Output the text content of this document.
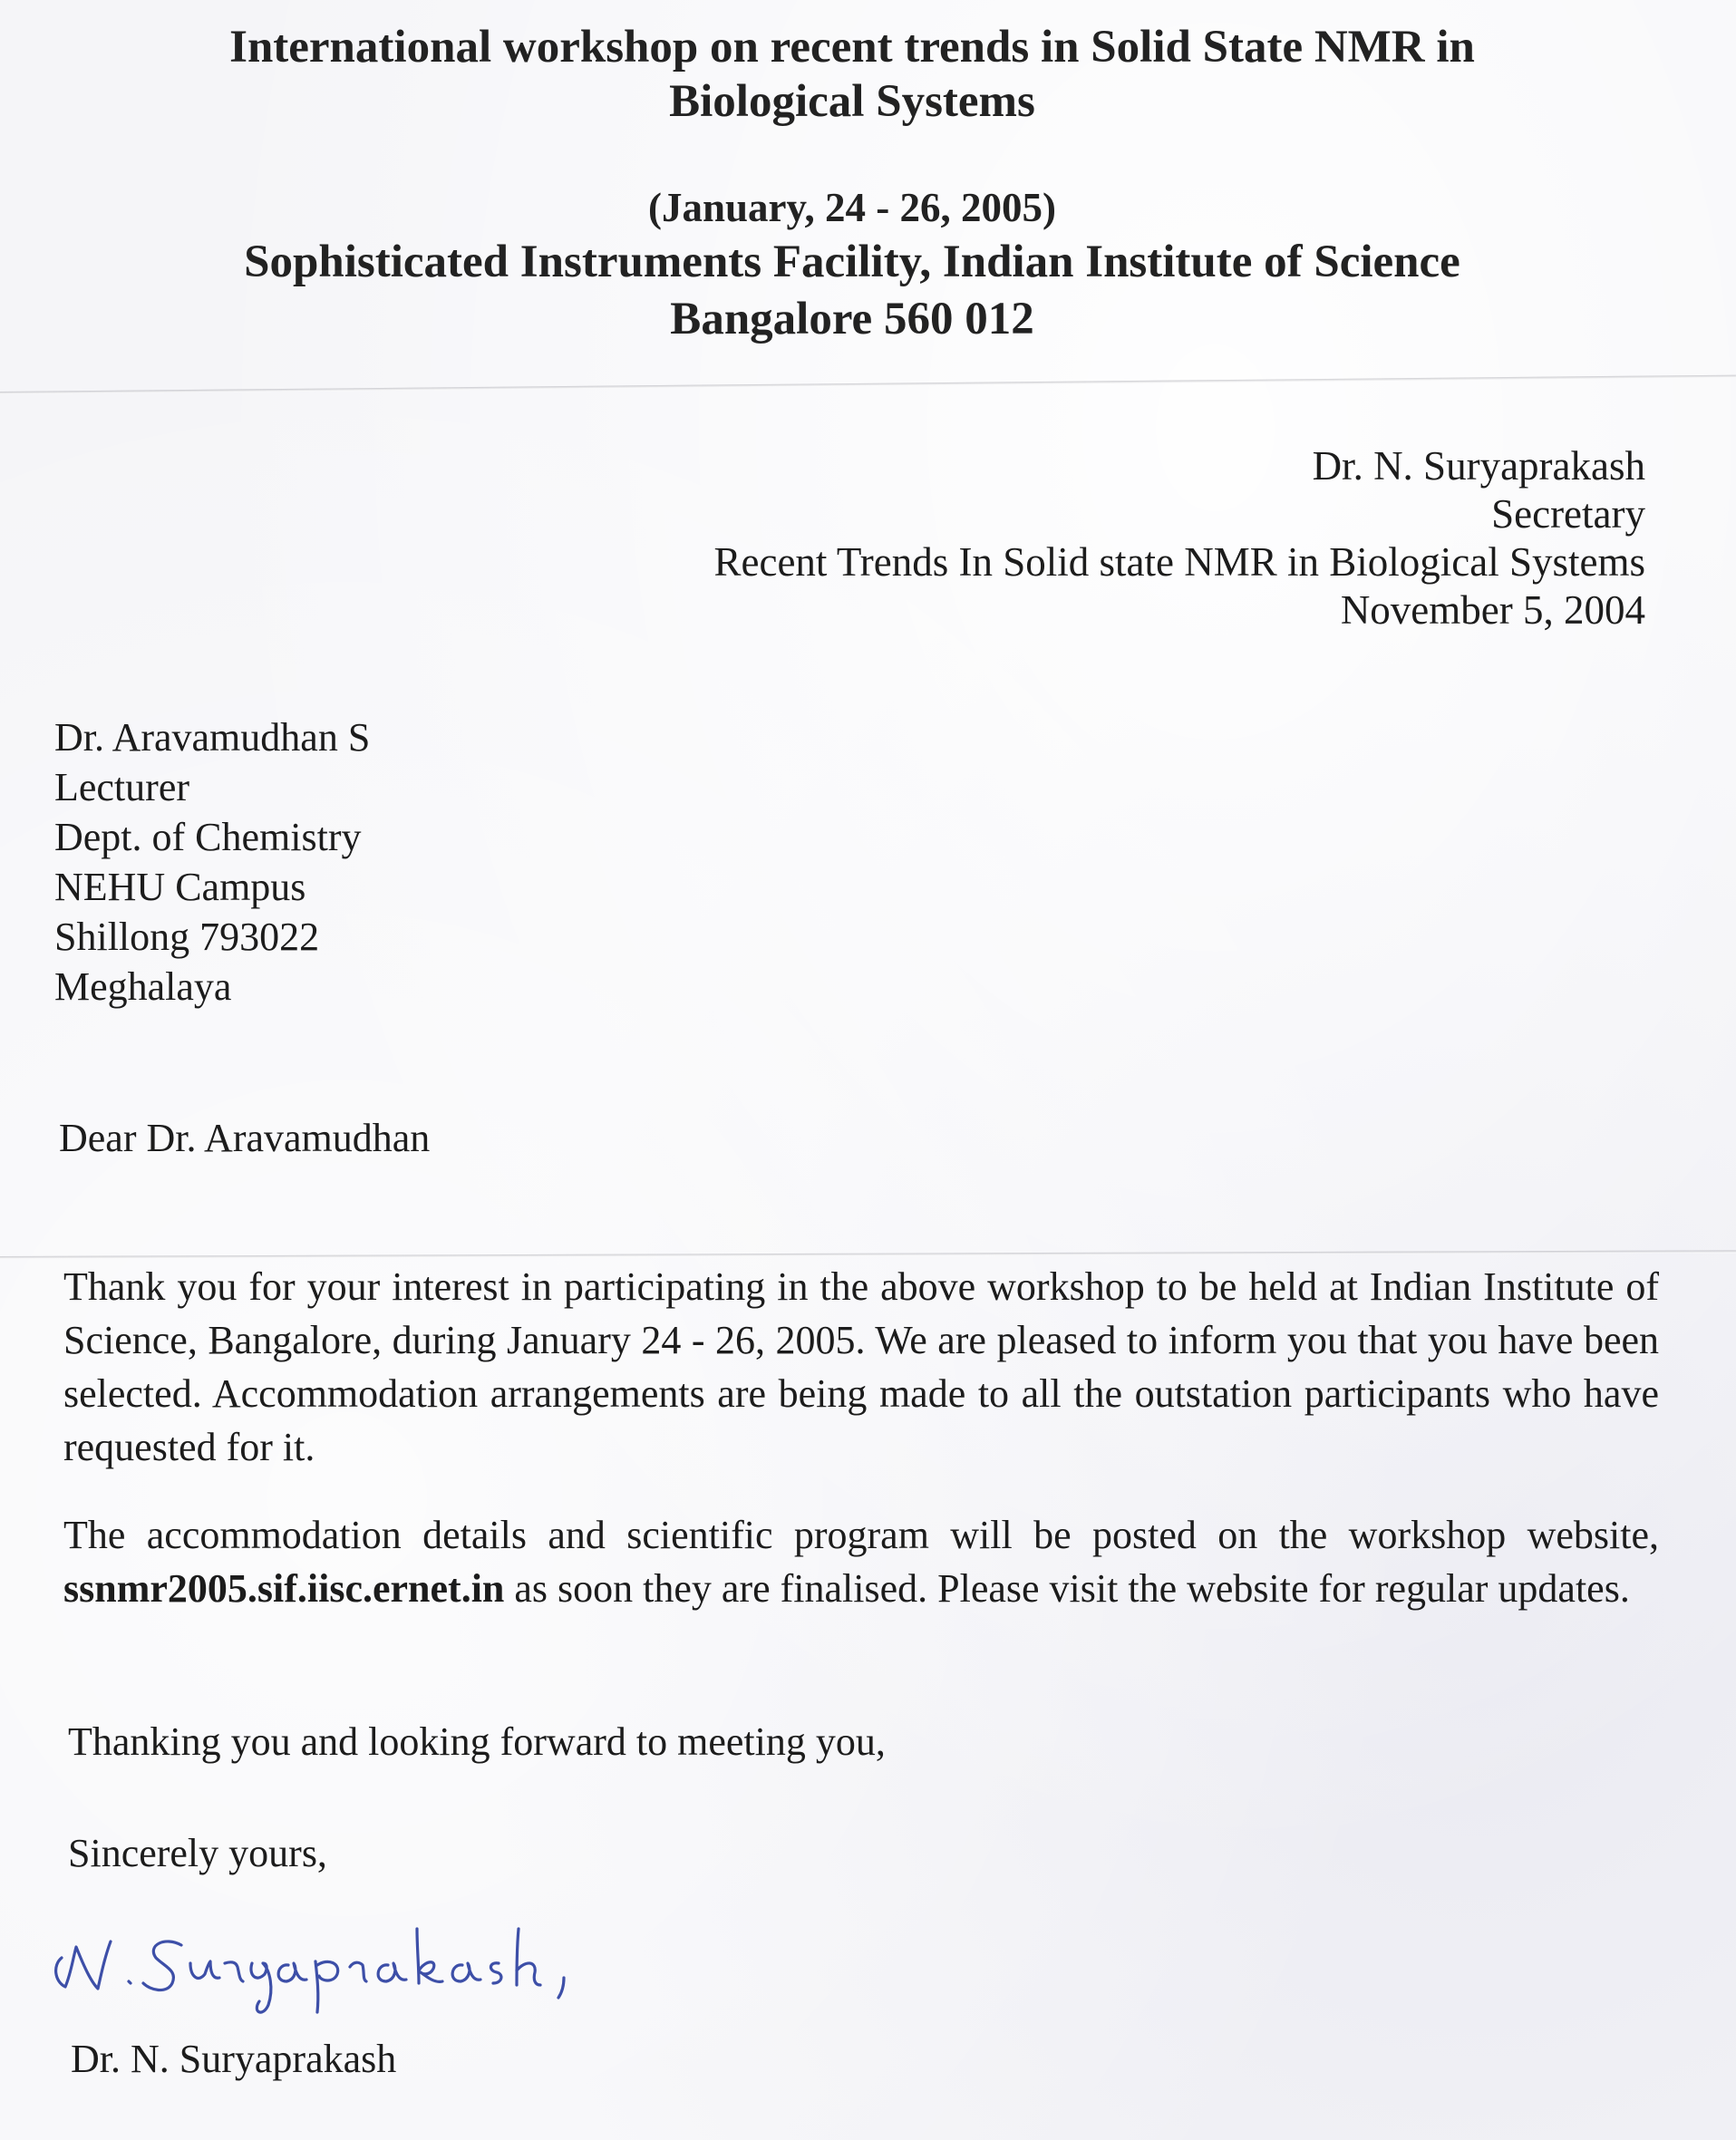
International workshop on recent trends in Solid State NMR in
Biological Systems
(January, 24 - 26, 2005)
Sophisticated Instruments Facility, Indian Institute of Science
Bangalore 560 012
Dr. N. Suryaprakash
Secretary
Recent Trends In Solid state NMR in Biological Systems
November 5, 2004
Dr. Aravamudhan S
Lecturer
Dept. of Chemistry
NEHU Campus
Shillong 793022
Meghalaya
Dear Dr. Aravamudhan
Thank you for your interest in participating in the above workshop to be held at Indian Institute of Science, Bangalore, during January 24 - 26, 2005. We are pleased to inform you that you have been selected. Accommodation arrangements are being made to all the outstation participants who have requested for it.
The accommodation details and scientific program will be posted on the workshop website, ssnmr2005.sif.iisc.ernet.in as soon they are finalised. Please visit the website for regular updates.
Thanking you and looking forward to meeting you,
Sincerely yours,
Dr. N. Suryaprakash
